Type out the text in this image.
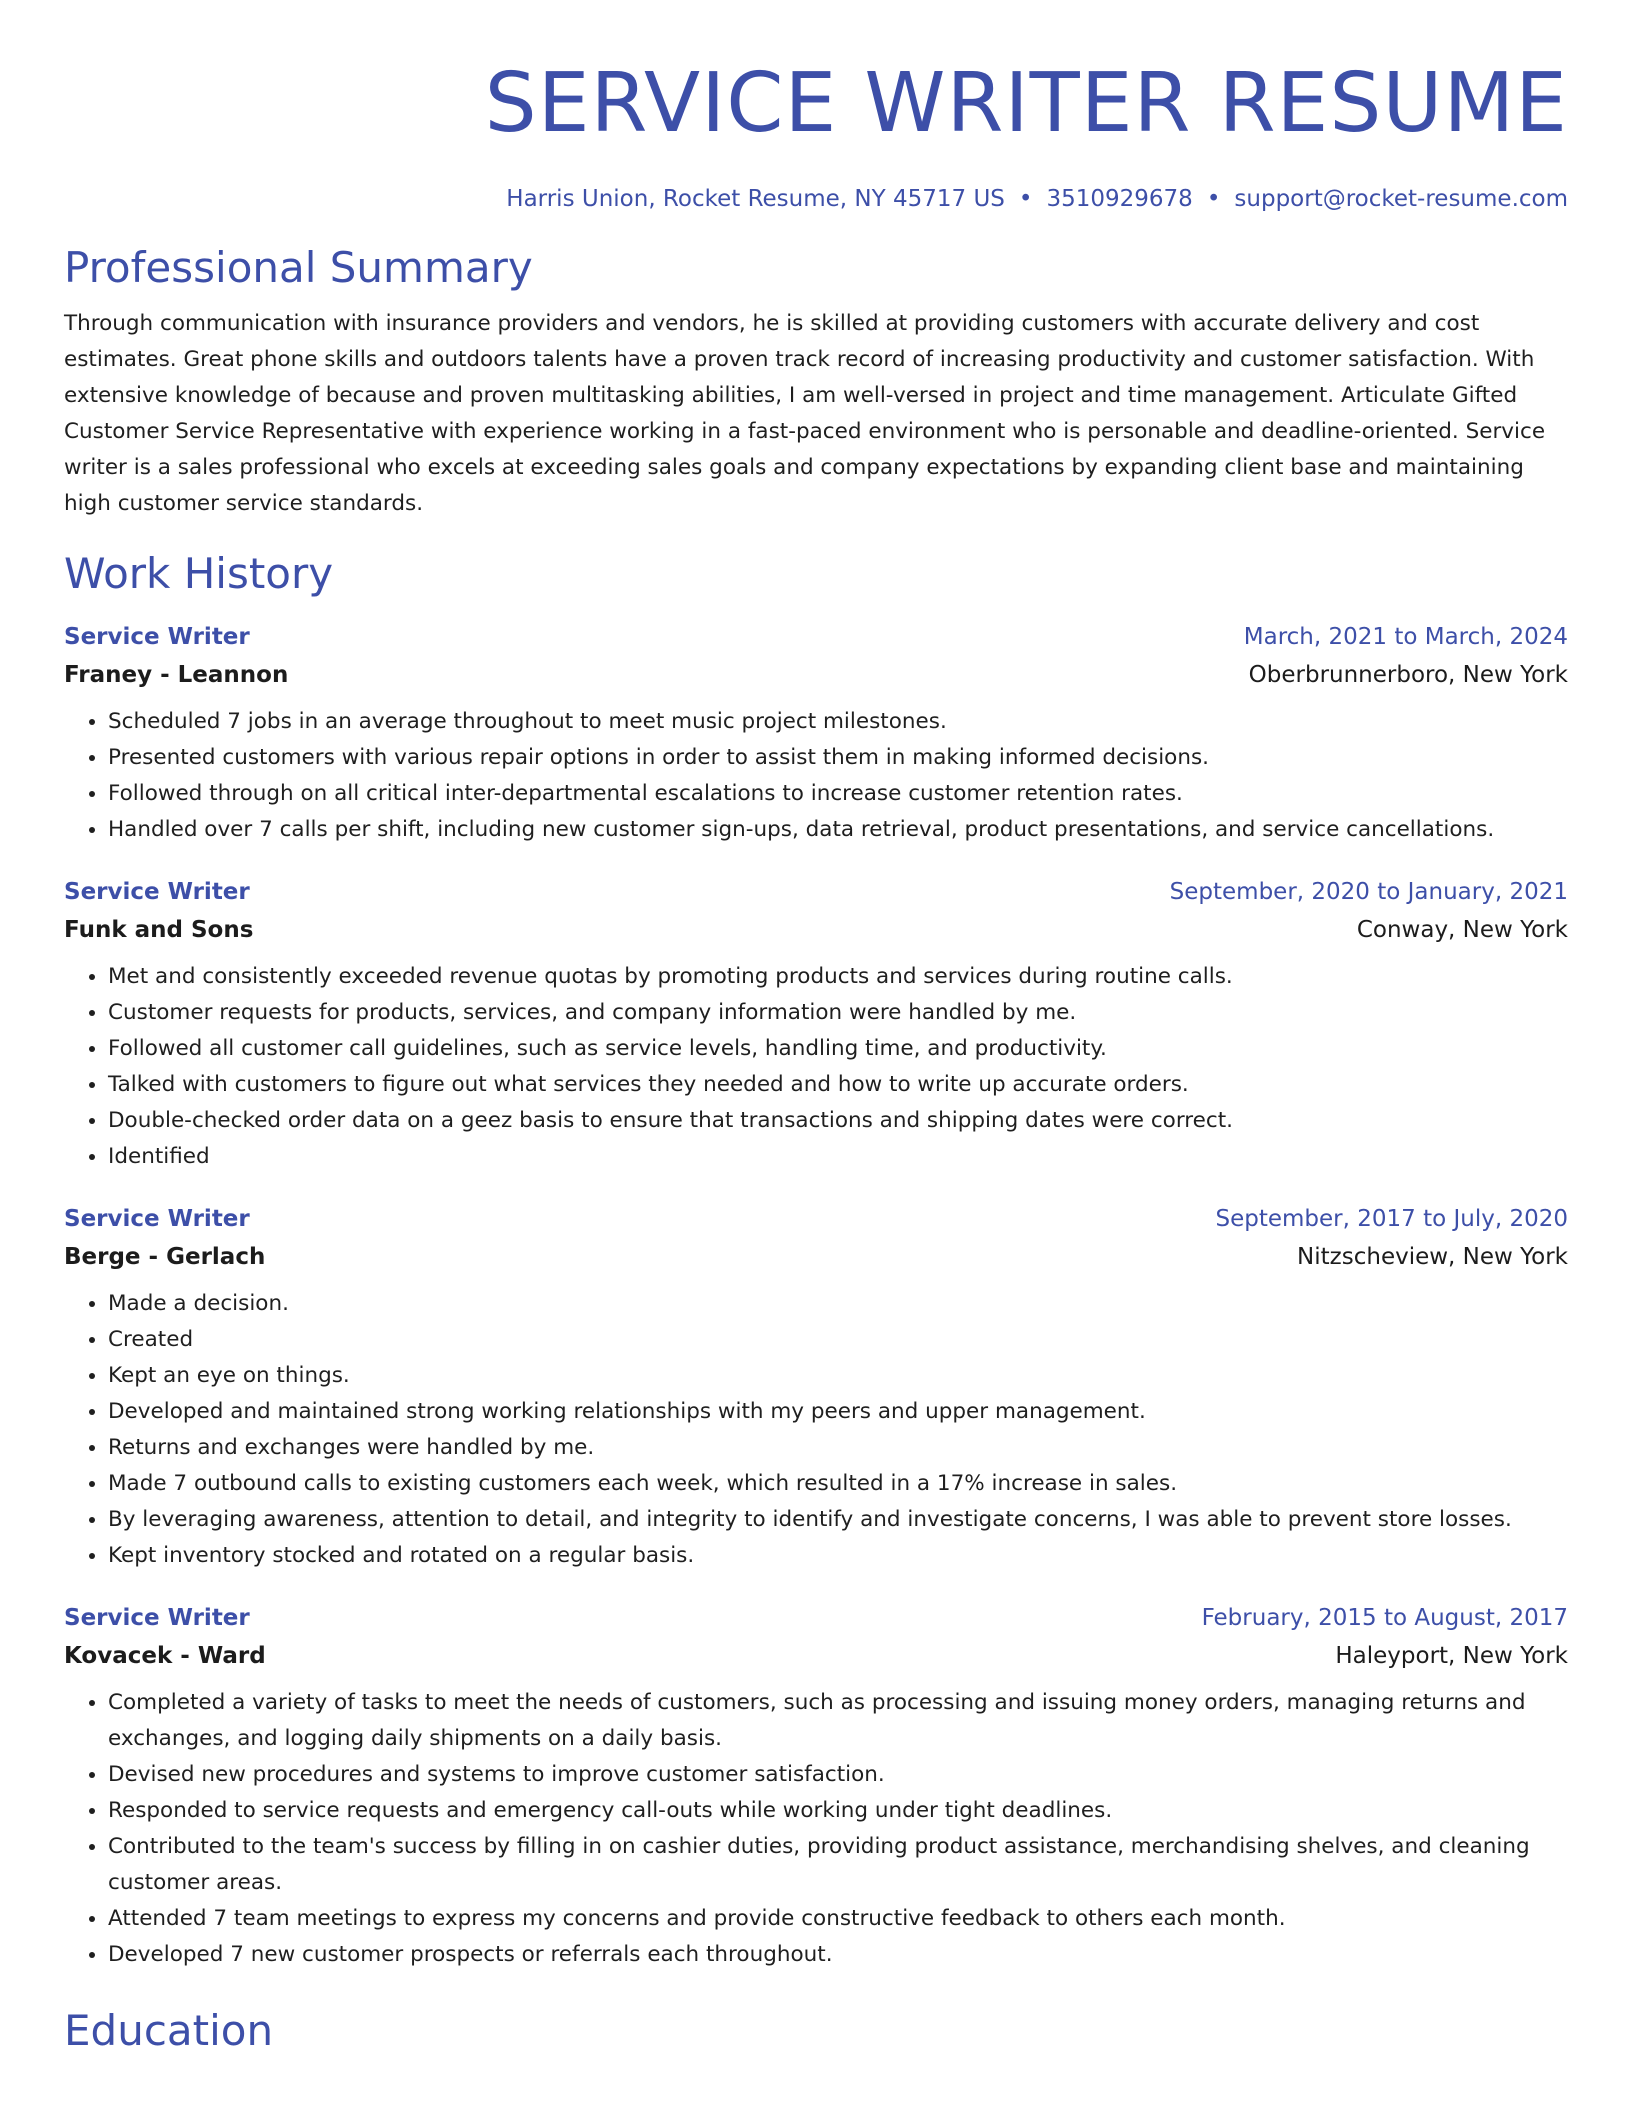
SERVICE WRITER RESUME
Harris Union, Rocket Resume, NY 45717 US • 3510929678 • support@rocket-resume.com
Professional Summary

Through communication with insurance providers and vendors, he is skilled at providing customers with accurate delivery and cost estimates. Great phone skills and outdoors talents have a proven track record of increasing productivity and customer satisfaction. With extensive knowledge of because and proven multitasking abilities, I am well-versed in project and time management. Articulate Gifted Customer Service Representative with experience working in a fast-paced environment who is personable and deadline-oriented. Service writer is a sales professional who excels at exceeding sales goals and company expectations by expanding client base and maintaining high customer service standards.

Work History
Service Writer	March, 2021 to March, 2024
Franey - Leannon	Oberbrunnerboro, New York
• Scheduled 7 jobs in an average throughout to meet music project milestones.
• Presented customers with various repair options in order to assist them in making informed decisions.
• Followed through on all critical inter-departmental escalations to increase customer retention rates.
• Handled over 7 calls per shift, including new customer sign-ups, data retrieval, product presentations, and service cancellations.
Service Writer	September, 2020 to January, 2021
Funk and Sons	Conway, New York
• Met and consistently exceeded revenue quotas by promoting products and services during routine calls.
• Customer requests for products, services, and company information were handled by me.
• Followed all customer call guidelines, such as service levels, handling time, and productivity.
• Talked with customers to figure out what services they needed and how to write up accurate orders.
• Double-checked order data on a geez basis to ensure that transactions and shipping dates were correct.
• Identified
Service Writer	September, 2017 to July, 2020
Berge - Gerlach	Nitzscheview, New York
• Made a decision.
• Created
• Kept an eye on things.
• Developed and maintained strong working relationships with my peers and upper management.
• Returns and exchanges were handled by me.
• Made 7 outbound calls to existing customers each week, which resulted in a 17% increase in sales.
• By leveraging awareness, attention to detail, and integrity to identify and investigate concerns, I was able to prevent store losses.
• Kept inventory stocked and rotated on a regular basis.
Service Writer	February, 2015 to August, 2017
Kovacek - Ward	Haleyport, New York
• Completed a variety of tasks to meet the needs of customers, such as processing and issuing money orders, managing returns and exchanges, and logging daily shipments on a daily basis.
• Devised new procedures and systems to improve customer satisfaction.
• Responded to service requests and emergency call-outs while working under tight deadlines.
• Contributed to the team's success by filling in on cashier duties, providing product assistance, merchandising shelves, and cleaning customer areas.
• Attended 7 team meetings to express my concerns and provide constructive feedback to others each month.
• Developed 7 new customer prospects or referrals each throughout.
Education
